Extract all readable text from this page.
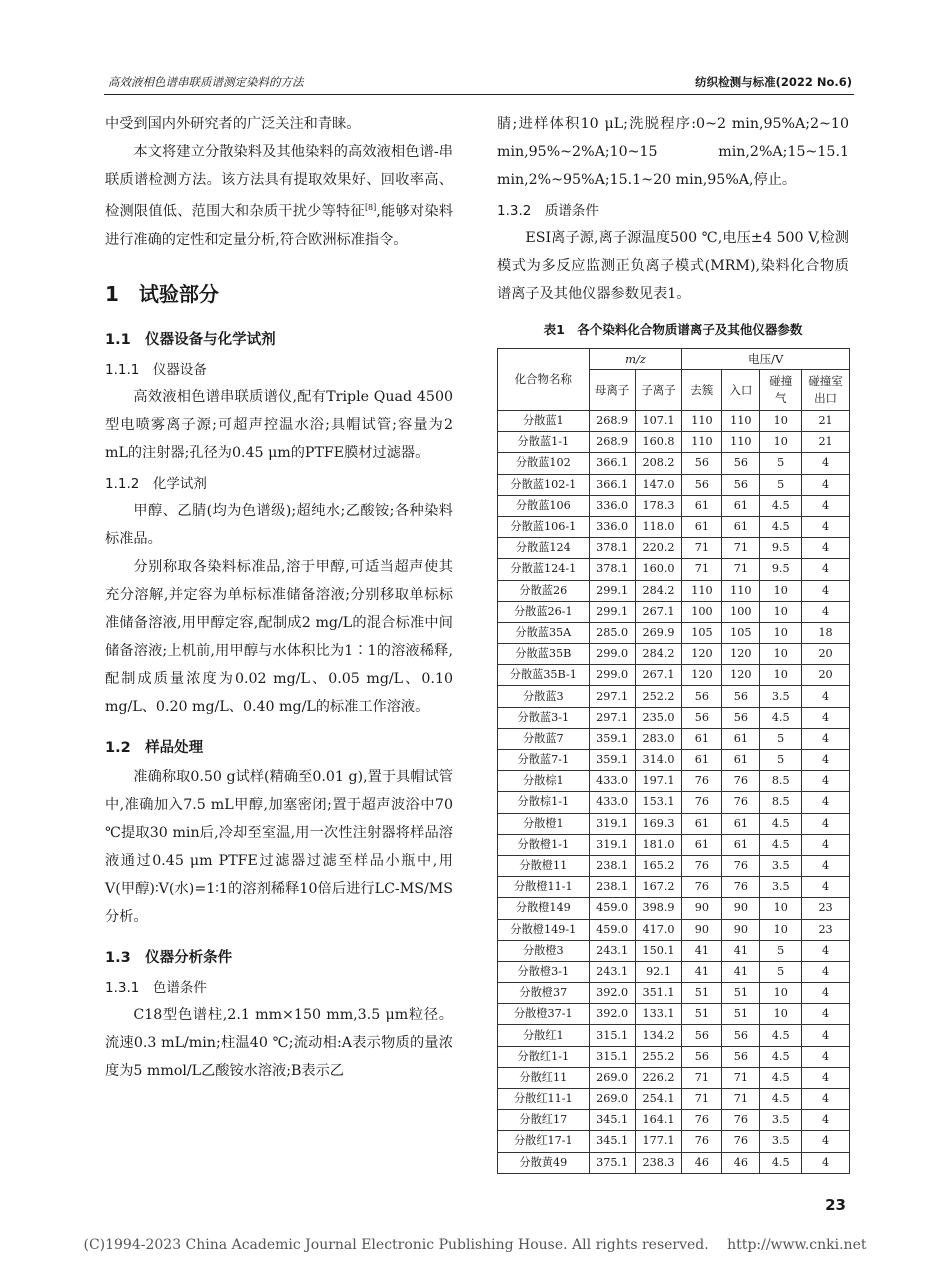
高效液相色谱串联质谱测定染料的方法	纺织检测与标准(2022 No.6)

中受到国内外研究者的广泛关注和青睐。

本文将建立分散染料及其他染料的高效液相色谱-串联质谱检测方法。该方法具有提取效果好、回收率高、检测限值低、范围大和杂质干扰少等特征[8],能够对染料进行准确的定性和定量分析,符合欧洲标准指令。

1　试验部分
1.1　仪器设备与化学试剂
1.1.1　仪器设备

高效液相色谱串联质谱仪,配有Triple Quad 4500型电喷雾离子源;可超声控温水浴;具帽试管;容量为2 mL的注射器;孔径为0.45 μm的PTFE膜材过滤器。

1.1.2　化学试剂

甲醇、乙腈(均为色谱级);超纯水;乙酸铵;各种染料标准品。

分别称取各染料标准品,溶于甲醇,可适当超声使其充分溶解,并定容为单标标准储备溶液;分别移取单标标准储备溶液,用甲醇定容,配制成2 mg/L的混合标准中间储备溶液;上机前,用甲醇与水体积比为1∶1的溶液稀释,配制成质量浓度为0.02 mg/L、0.05 mg/L、0.10 mg/L、0.20 mg/L、0.40 mg/L的标准工作溶液。

1.2　样品处理

准确称取0.50 g试样(精确至0.01 g),置于具帽试管中,准确加入7.5 mL甲醇,加塞密闭;置于超声波浴中70 ℃提取30 min后,冷却至室温,用一次性注射器将样品溶液通过0.45 μm PTFE过滤器过滤至样品小瓶中,用V(甲醇)∶V(水)=1∶1的溶剂稀释10倍后进行LC-MS/MS分析。

1.3　仪器分析条件
1.3.1　色谱条件

C18型色谱柱,2.1 mm×150 mm,3.5 μm粒径。流速0.3 mL/min;柱温40 ℃;流动相:A表示物质的量浓度为5 mmol/L乙酸铵水溶液;B表示乙

腈;进样体积10 μL;洗脱程序:0~2 min,95%A;2~10 min,95%~2%A;10~15 min,2%A;15~15.1 min,2%~95%A;15.1~20 min,95%A,停止。

1.3.2　质谱条件

ESI离子源,离子源温度500 ℃,电压±4 500 V,检测模式为多反应监测正负离子模式(MRM),染料化合物质谱离子及其他仪器参数见表1。

表1　各个染料化合物质谱离子及其他仪器参数
化合物名称	m/z		电压/V			
	母离子	子离子	去簇	入口	碰撞
气	碰撞室
出口
分散蓝1	268.9	107.1	110	110	10	21
分散蓝1-1	268.9	160.8	110	110	10	21
分散蓝102	366.1	208.2	56	56	5	4
分散蓝102-1	366.1	147.0	56	56	5	4
分散蓝106	336.0	178.3	61	61	4.5	4
分散蓝106-1	336.0	118.0	61	61	4.5	4
分散蓝124	378.1	220.2	71	71	9.5	4
分散蓝124-1	378.1	160.0	71	71	9.5	4
分散蓝26	299.1	284.2	110	110	10	4
分散蓝26-1	299.1	267.1	100	100	10	4
分散蓝35A	285.0	269.9	105	105	10	18
分散蓝35B	299.0	284.2	120	120	10	20
分散蓝35B-1	299.0	267.1	120	120	10	20
分散蓝3	297.1	252.2	56	56	3.5	4
分散蓝3-1	297.1	235.0	56	56	4.5	4
分散蓝7	359.1	283.0	61	61	5	4
分散蓝7-1	359.1	314.0	61	61	5	4
分散棕1	433.0	197.1	76	76	8.5	4
分散棕1-1	433.0	153.1	76	76	8.5	4
分散橙1	319.1	169.3	61	61	4.5	4
分散橙1-1	319.1	181.0	61	61	4.5	4
分散橙11	238.1	165.2	76	76	3.5	4
分散橙11-1	238.1	167.2	76	76	3.5	4
分散橙149	459.0	398.9	90	90	10	23
分散橙149-1	459.0	417.0	90	90	10	23
分散橙3	243.1	150.1	41	41	5	4
分散橙3-1	243.1	92.1	41	41	5	4
分散橙37	392.0	351.1	51	51	10	4
分散橙37-1	392.0	133.1	51	51	10	4
分散红1	315.1	134.2	56	56	4.5	4
分散红1-1	315.1	255.2	56	56	4.5	4
分散红11	269.0	226.2	71	71	4.5	4
分散红11-1	269.0	254.1	71	71	4.5	4
分散红17	345.1	164.1	76	76	3.5	4
分散红17-1	345.1	177.1	76	76	3.5	4
分散黄49	375.1	238.3	46	46	4.5	4
23
(C)1994-2023 China Academic Journal Electronic Publishing House. All rights reserved.　 http://www.cnki.net
